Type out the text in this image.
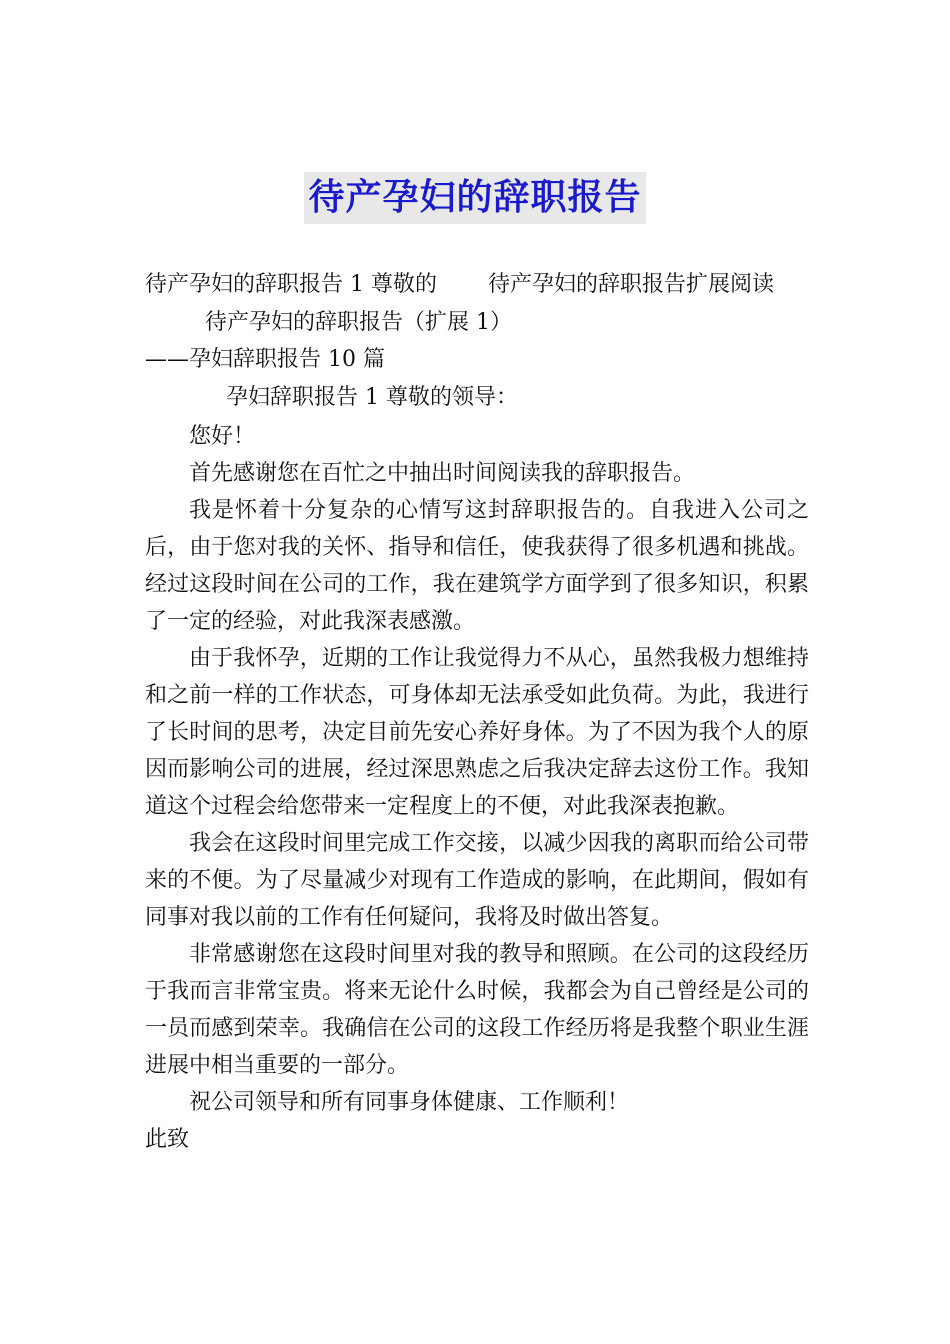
待产孕妇的辞职报告
待产孕妇的辞职报告 1 尊敬的 待产孕妇的辞职报告扩展阅读
待产孕妇的辞职报告（扩展 1）
——孕妇辞职报告 10 篇
孕妇辞职报告 1 尊敬的领导：

您好！

首先感谢您在百忙之中抽出时间阅读我的辞职报告。

我是怀着十分复杂的心情写这封辞职报告的。自我进入公司之后，由于您对我的关怀、指导和信任，使我获得了很多机遇和挑战。经过这段时间在公司的工作，我在建筑学方面学到了很多知识，积累了一定的经验，对此我深表感激。

由于我怀孕，近期的工作让我觉得力不从心，虽然我极力想维持和之前一样的工作状态，可身体却无法承受如此负荷。为此，我进行了长时间的思考，决定目前先安心养好身体。为了不因为我个人的原因而影响公司的进展，经过深思熟虑之后我决定辞去这份工作。我知道这个过程会给您带来一定程度上的不便，对此我深表抱歉。

我会在这段时间里完成工作交接，以减少因我的离职而给公司带来的不便。为了尽量减少对现有工作造成的影响，在此期间，假如有同事对我以前的工作有任何疑问，我将及时做出答复。

非常感谢您在这段时间里对我的教导和照顾。在公司的这段经历于我而言非常宝贵。将来无论什么时候，我都会为自己曾经是公司的一员而感到荣幸。我确信在公司的这段工作经历将是我整个职业生涯进展中相当重要的一部分。

祝公司领导和所有同事身体健康、工作顺利！

此致
